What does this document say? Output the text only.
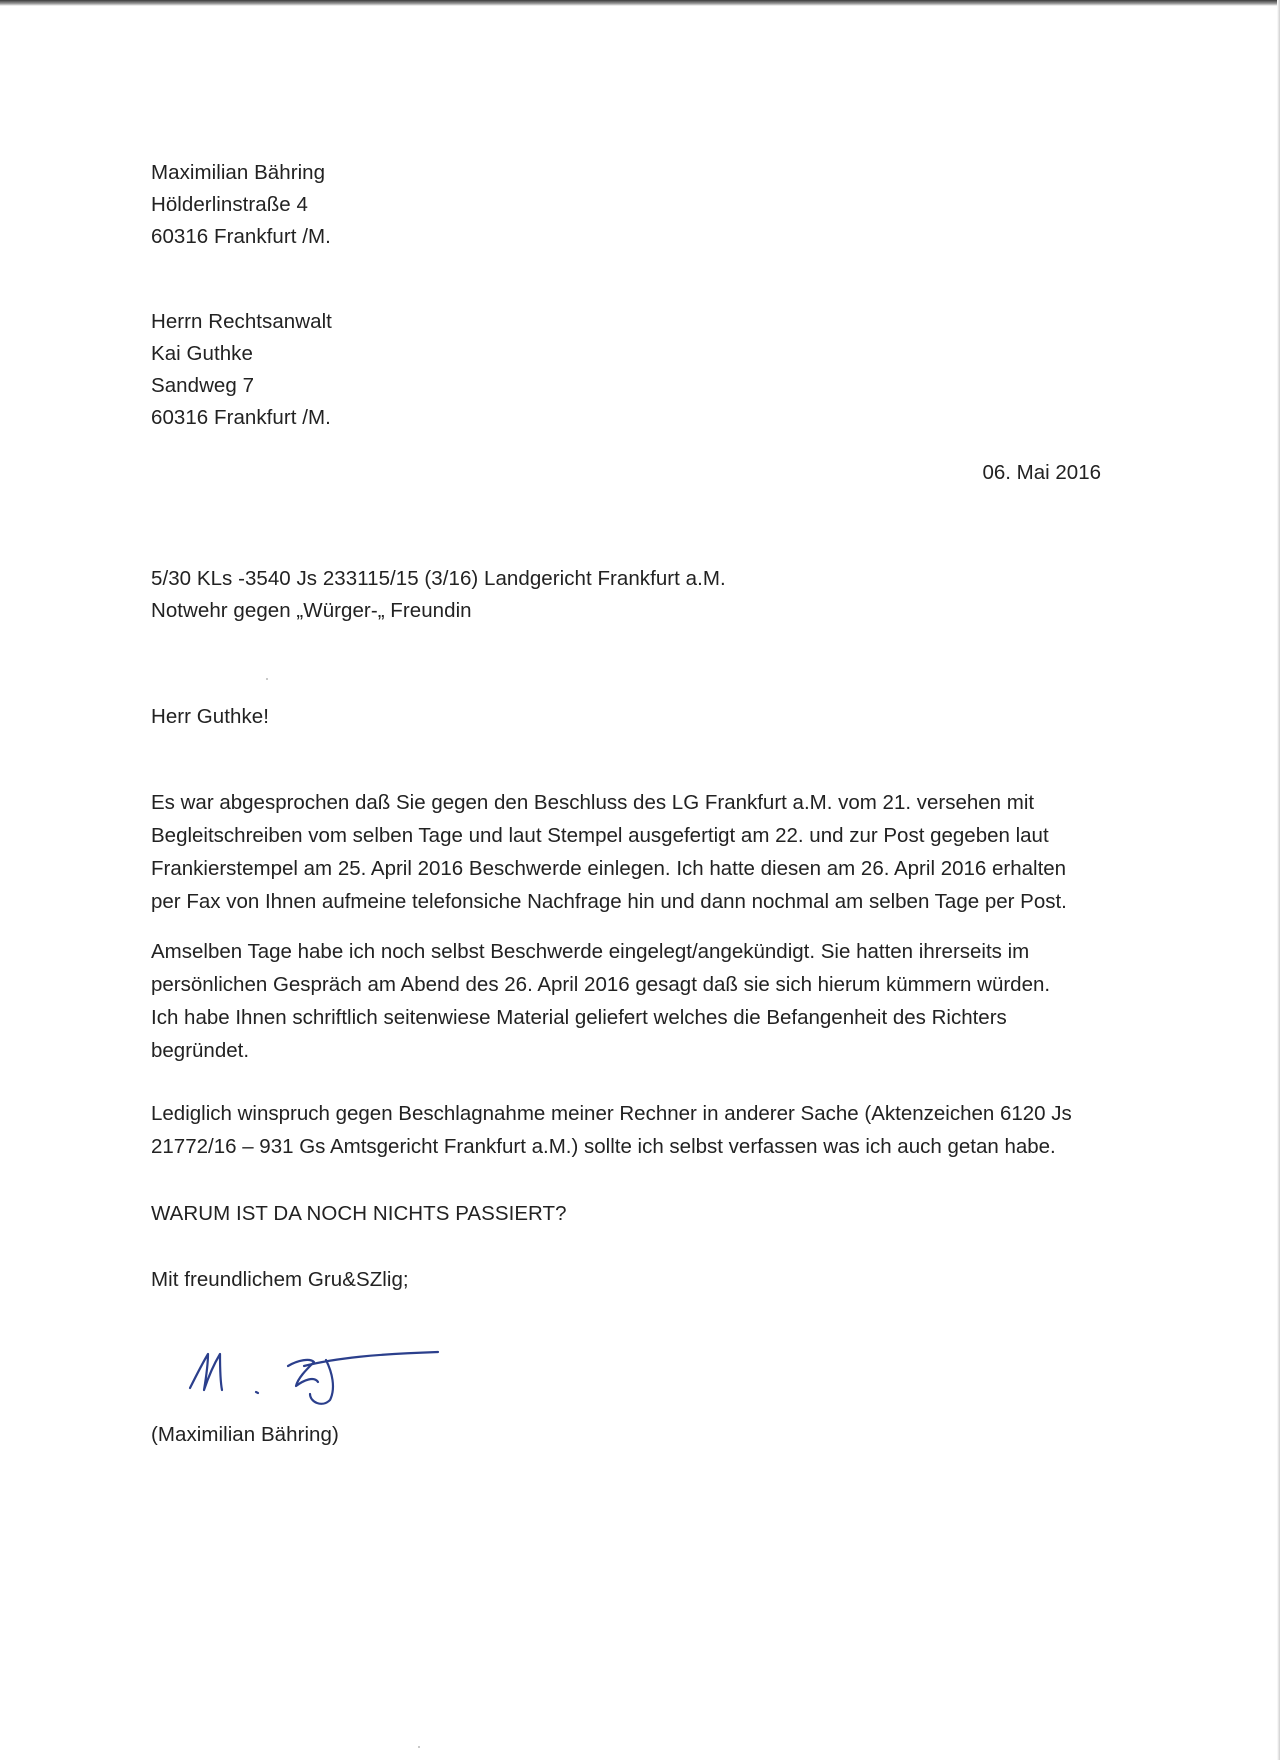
Maximilian Bähring
Hölderlinstraße 4
60316 Frankfurt /M.
Herrn Rechtsanwalt
Kai Guthke
Sandweg 7
60316 Frankfurt /M.
06. Mai 2016
5/30 KLs -3540 Js 233115/15 (3/16) Landgericht Frankfurt a.M.
Notwehr gegen „Würger-„ Freundin
Herr Guthke!
Es war abgesprochen daß Sie gegen den Beschluss des LG Frankfurt a.M. vom 21. versehen mit
Begleitschreiben vom selben Tage und laut Stempel ausgefertigt am 22. und zur Post gegeben laut
Frankierstempel am 25. April 2016 Beschwerde einlegen. Ich hatte diesen am 26. April 2016 erhalten
per Fax von Ihnen aufmeine telefonsiche Nachfrage hin und dann nochmal am selben Tage per Post.
Amselben Tage habe ich noch selbst Beschwerde eingelegt/angekündigt. Sie hatten ihrerseits im
persönlichen Gespräch am Abend des 26. April 2016 gesagt daß sie sich hierum kümmern würden.
Ich habe Ihnen schriftlich seitenwiese Material geliefert welches die Befangenheit des Richters
begründet.
Lediglich winspruch gegen Beschlagnahme meiner Rechner in anderer Sache (Aktenzeichen 6120 Js
21772/16 – 931 Gs Amtsgericht Frankfurt a.M.) sollte ich selbst verfassen was ich auch getan habe.
WARUM IST DA NOCH NICHTS PASSIERT?
Mit freundlichem Gru&SZlig;
(Maximilian Bähring)
